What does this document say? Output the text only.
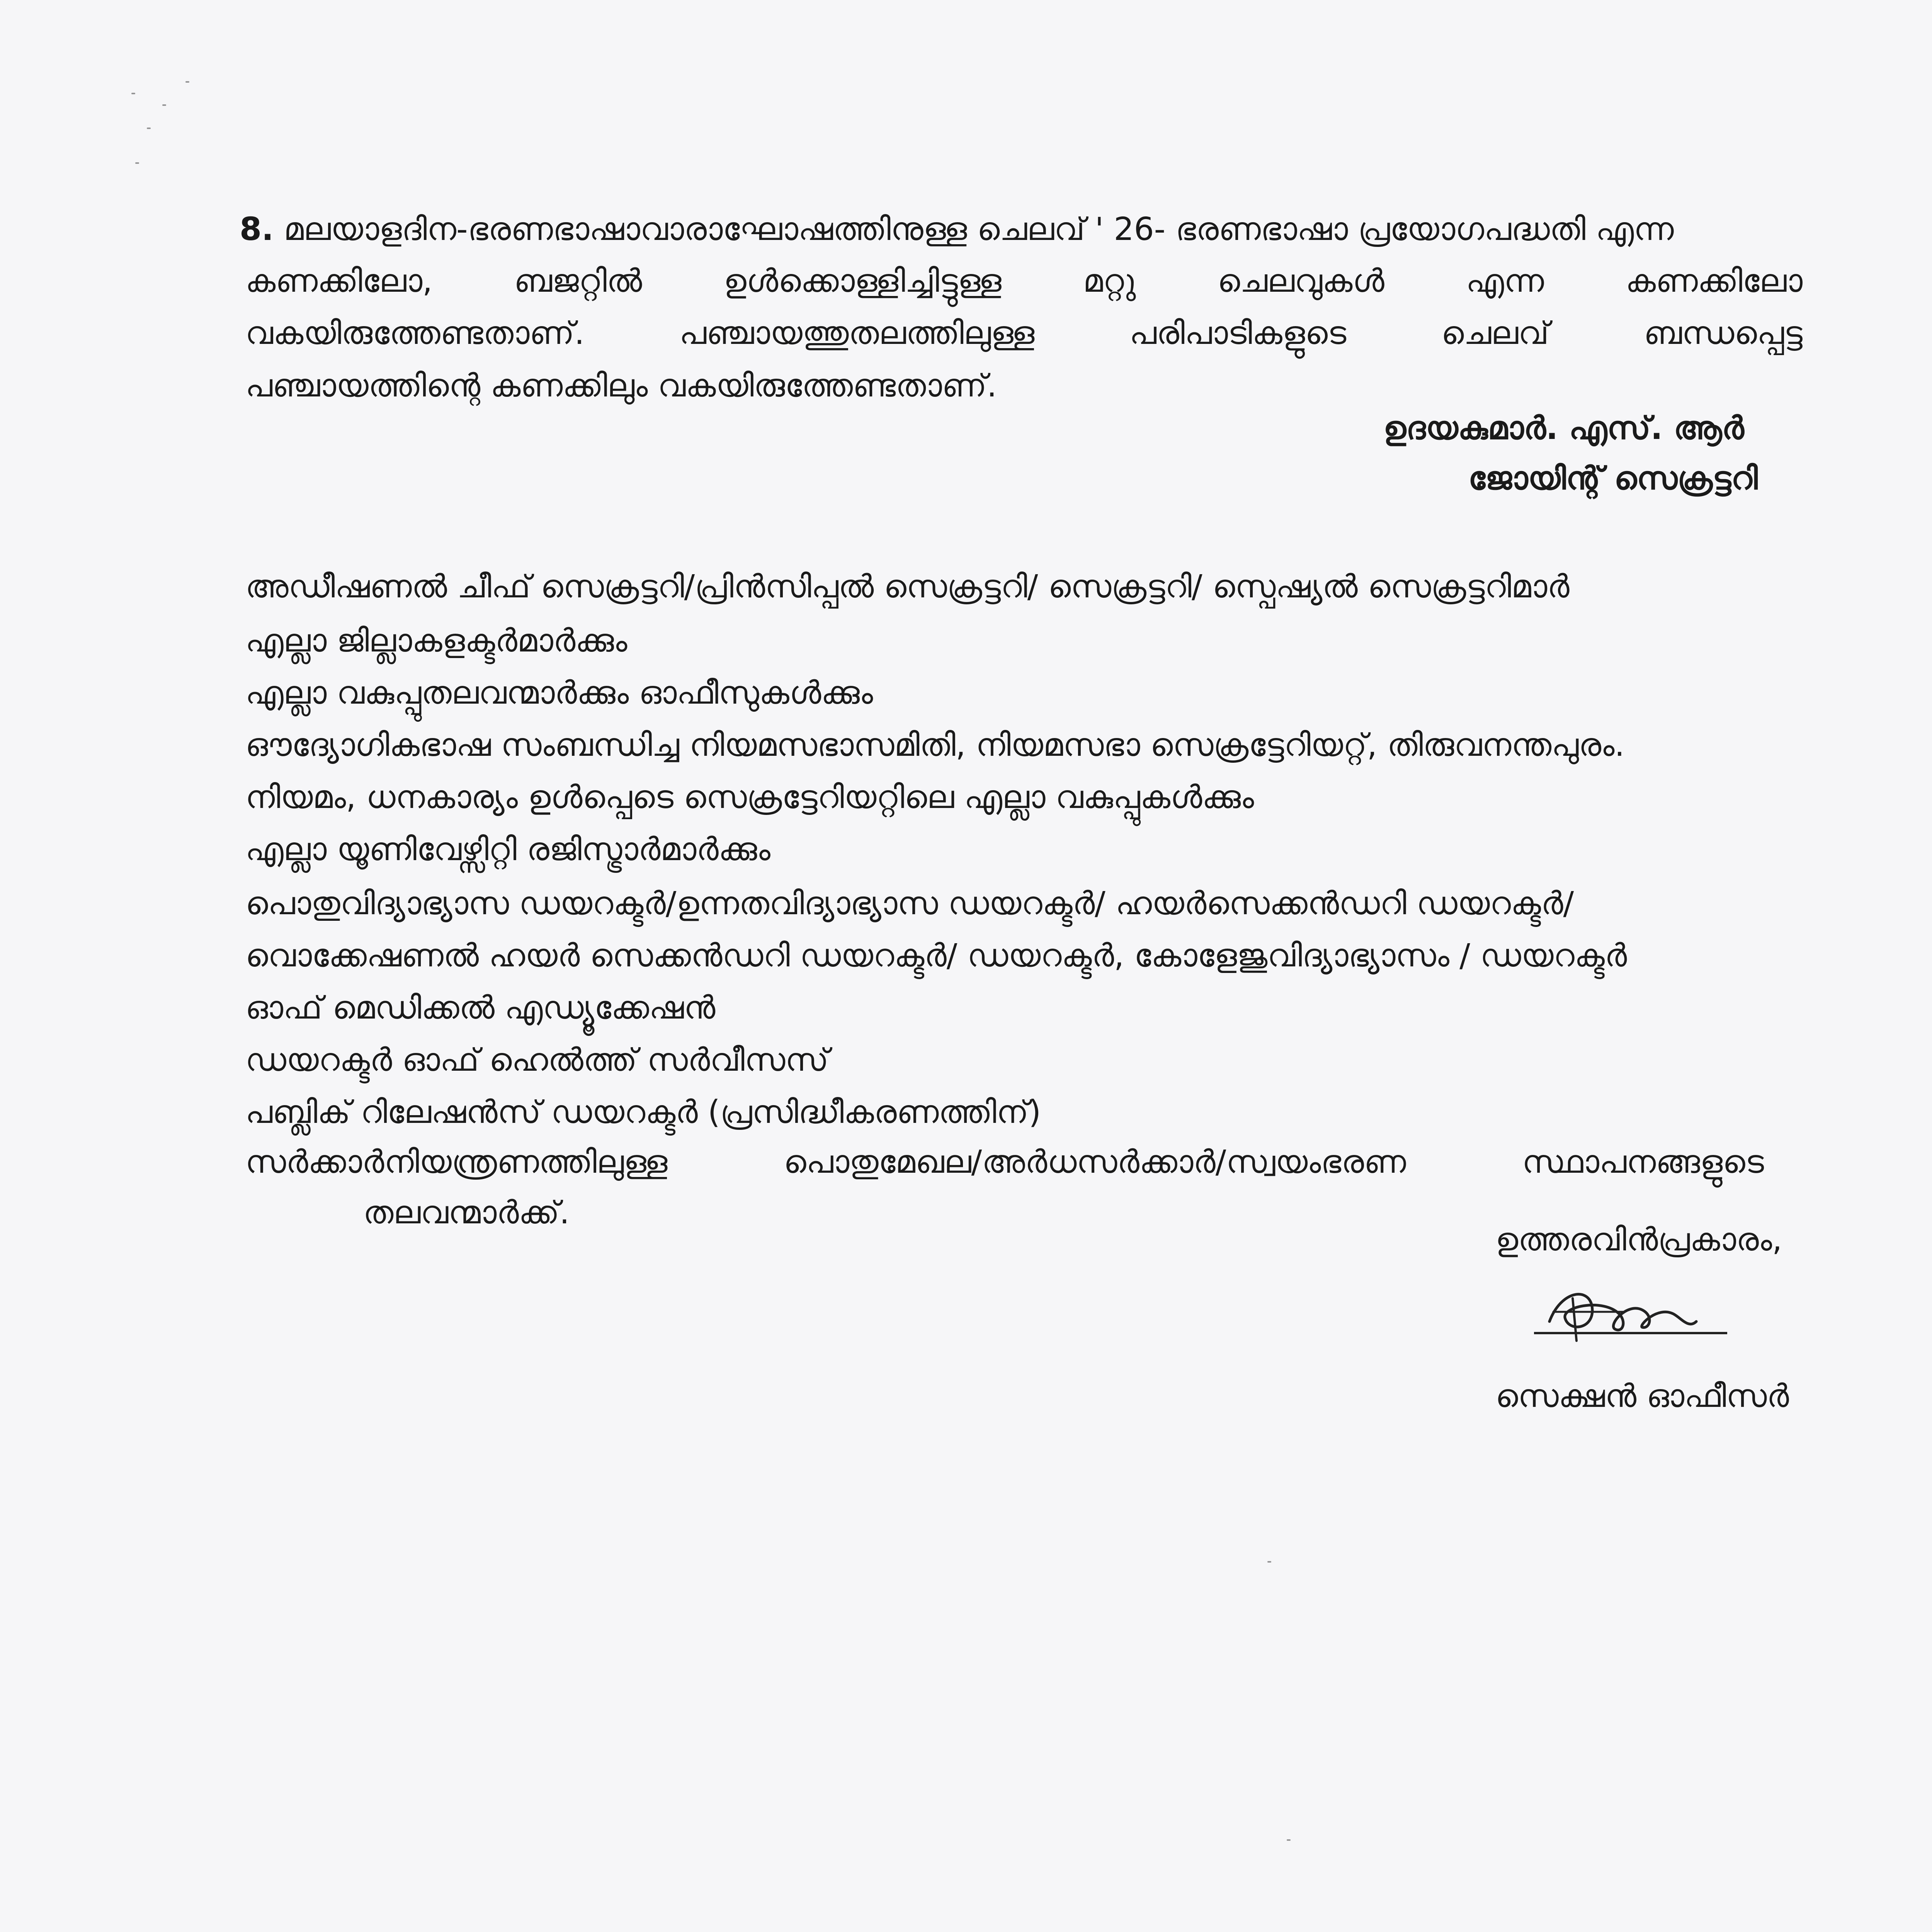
8. മലയാളദിന-ഭരണഭാഷാവാരാഘോഷത്തിനുള്ള ചെലവ് ' 26- ഭരണഭാഷാ പ്രയോഗപദ്ധതി എന്ന
കണക്കിലോ,	ബജറ്റിൽ	ഉൾക്കൊള്ളിച്ചിട്ടുള്ള	മറ്റു	ചെലവുകൾ	എന്ന	കണക്കിലോ
വകയിരുത്തേണ്ടതാണ്.	പഞ്ചായത്തുതലത്തിലുള്ള	പരിപാടികളുടെ	ചെലവ്	ബന്ധപ്പെട്ട
പഞ്ചായത്തിന്റെ കണക്കിലും വകയിരുത്തേണ്ടതാണ്.
ഉദയകുമാർ. എസ്. ആർ
ജോയിന്റ് സെക്രട്ടറി
അഡീഷണൽ ചീഫ് സെക്രട്ടറി/പ്രിൻസിപ്പൽ സെക്രട്ടറി/ സെക്രട്ടറി/ സ്പെഷ്യൽ സെക്രട്ടറിമാർ
എല്ലാ ജില്ലാകളക്ടർമാർക്കും
എല്ലാ വകുപ്പുതലവന്മാർക്കും ഓഫീസുകൾക്കും
ഔദ്യോഗികഭാഷ സംബന്ധിച്ച നിയമസഭാസമിതി, നിയമസഭാ സെക്രട്ടേറിയറ്റ്, തിരുവനന്തപുരം.
നിയമം, ധനകാര്യം ഉൾപ്പെടെ സെക്രട്ടേറിയറ്റിലെ എല്ലാ വകുപ്പുകൾക്കും
എല്ലാ യൂണിവേഴ്സിറ്റി രജിസ്ട്രാർമാർക്കും
പൊതുവിദ്യാഭ്യാസ ഡയറക്ടർ/ഉന്നതവിദ്യാഭ്യാസ ഡയറക്ടർ/ ഹയർസെക്കൻഡറി ഡയറക്ടർ/
വൊക്കേഷണൽ ഹയർ സെക്കൻഡറി ഡയറക്ടർ/ ഡയറക്ടർ, കോളേജുവിദ്യാഭ്യാസം / ഡയറക്ടർ
ഓഫ് മെഡിക്കൽ എഡ്യൂക്കേഷൻ
ഡയറക്ടർ ഓഫ് ഹെൽത്ത് സർവീസസ്
പബ്ലിക് റിലേഷൻസ് ഡയറക്ടർ (പ്രസിദ്ധീകരണത്തിന്)
സർക്കാർനിയന്ത്രണത്തിലുള്ള	പൊതുമേഖല/അർധസർക്കാർ/സ്വയംഭരണ	സ്ഥാപനങ്ങളുടെ
തലവന്മാർക്ക്.
ഉത്തരവിൻപ്രകാരം,
സെക്ഷൻ ഓഫീസർ
